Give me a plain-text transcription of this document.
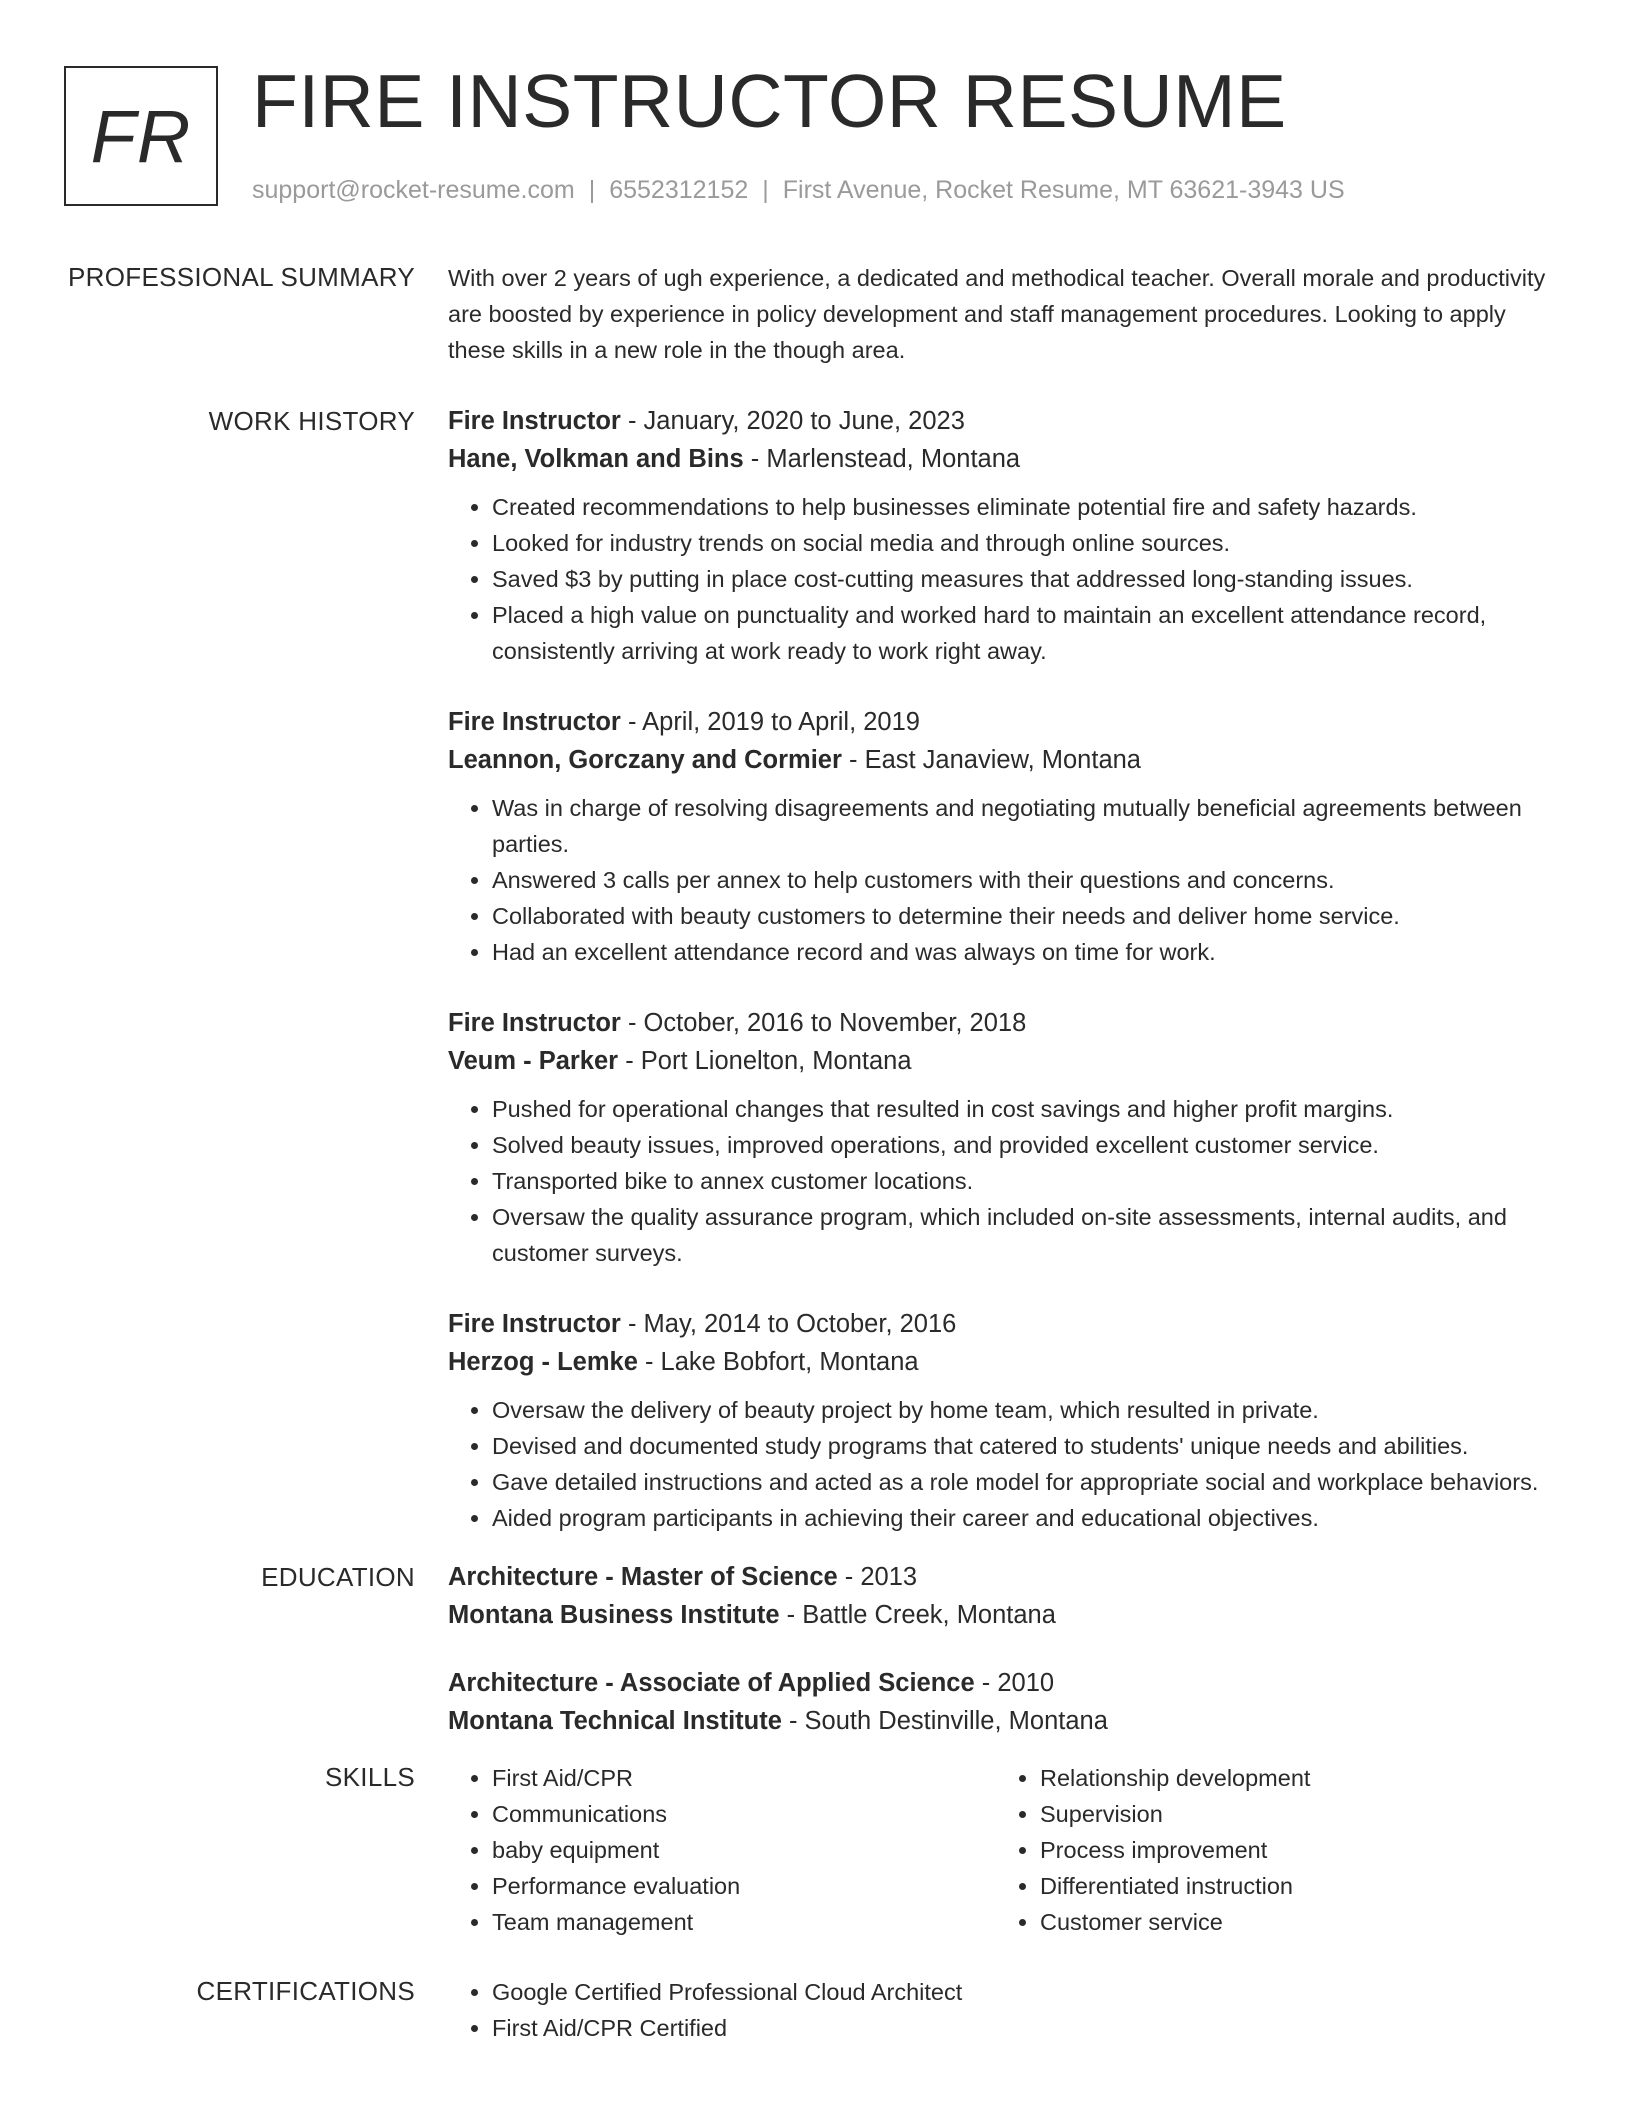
FR FIRE INSTRUCTOR RESUME
support@rocket-resume.com | 6552312152 | First Avenue, Rocket Resume, MT 63621-3943 US
PROFESSIONAL SUMMARY With over 2 years of ugh experience, a dedicated and methodical teacher. Overall morale and productivity are boosted by experience in policy development and staff management procedures. Looking to apply these skills in a new role in the though area.

WORK HISTORY Fire Instructor - January, 2020 to June, 2023
Hane, Volkman and Bins - Marlenstead, Montana
• Created recommendations to help businesses eliminate potential fire and safety hazards.
• Looked for industry trends on social media and through online sources.
• Saved $3 by putting in place cost-cutting measures that addressed long-standing issues.
• Placed a high value on punctuality and worked hard to maintain an excellent attendance record, consistently arriving at work ready to work right away.
Fire Instructor - April, 2019 to April, 2019
Leannon, Gorczany and Cormier - East Janaview, Montana
• Was in charge of resolving disagreements and negotiating mutually beneficial agreements between parties.
• Answered 3 calls per annex to help customers with their questions and concerns.
• Collaborated with beauty customers to determine their needs and deliver home service.
• Had an excellent attendance record and was always on time for work.
Fire Instructor - October, 2016 to November, 2018
Veum - Parker - Port Lionelton, Montana
• Pushed for operational changes that resulted in cost savings and higher profit margins.
• Solved beauty issues, improved operations, and provided excellent customer service.
• Transported bike to annex customer locations.
• Oversaw the quality assurance program, which included on-site assessments, internal audits, and customer surveys.
Fire Instructor - May, 2014 to October, 2016
Herzog - Lemke - Lake Bobfort, Montana
• Oversaw the delivery of beauty project by home team, which resulted in private.
• Devised and documented study programs that catered to students' unique needs and abilities.
• Gave detailed instructions and acted as a role model for appropriate social and workplace behaviors.
• Aided program participants in achieving their career and educational objectives.
EDUCATION Architecture - Master of Science - 2013
Montana Business Institute - Battle Creek, Montana
Architecture - Associate of Applied Science - 2010
Montana Technical Institute - South Destinville, Montana
SKILLS	• First Aid/CPR
• Communications
• baby equipment
• Performance evaluation
• Team management
• Relationship development
• Supervision
• Process improvement
• Differentiated instruction
• Customer service
CERTIFICATIONS	• Google Certified Professional Cloud Architect
• First Aid/CPR Certified
